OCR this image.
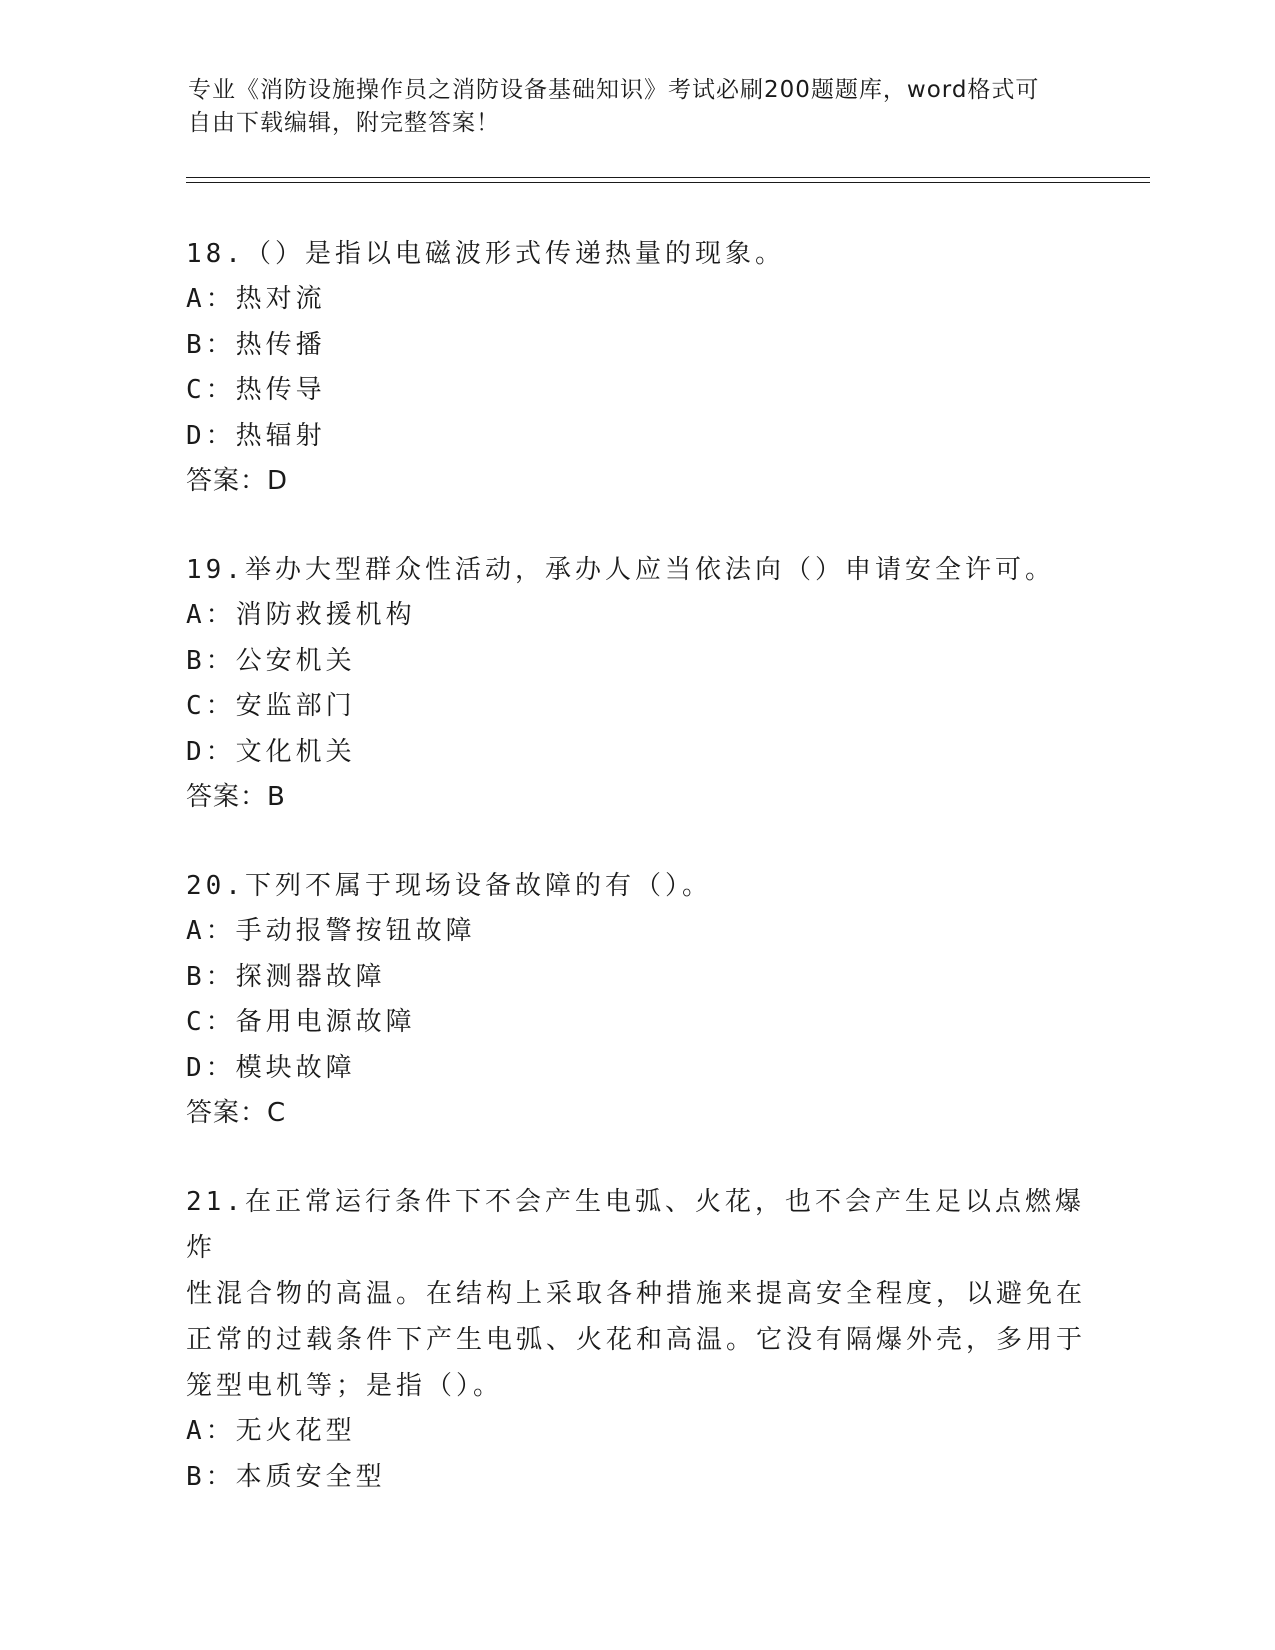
专业《消防设施操作员之消防设备基础知识》考试必刷200题题库，word格式可
自由下载编辑，附完整答案！
18.（）是指以电磁波形式传递热量的现象。
A：热对流
B：热传播
C：热传导
D：热辐射
答案：D
19.举办大型群众性活动，承办人应当依法向（）申请安全许可。
A：消防救援机构
B：公安机关
C：安监部门
D：文化机关
答案：B
20.下列不属于现场设备故障的有（）。
A：手动报警按钮故障
B：探测器故障
C：备用电源故障
D：模块故障
答案：C
21.在正常运行条件下不会产生电弧、火花，也不会产生足以点燃爆炸
性混合物的高温。在结构上采取各种措施来提高安全程度，以避免在
正常的过载条件下产生电弧、火花和高温。它没有隔爆外壳，多用于
笼型电机等；是指（）。
A：无火花型
B：本质安全型
